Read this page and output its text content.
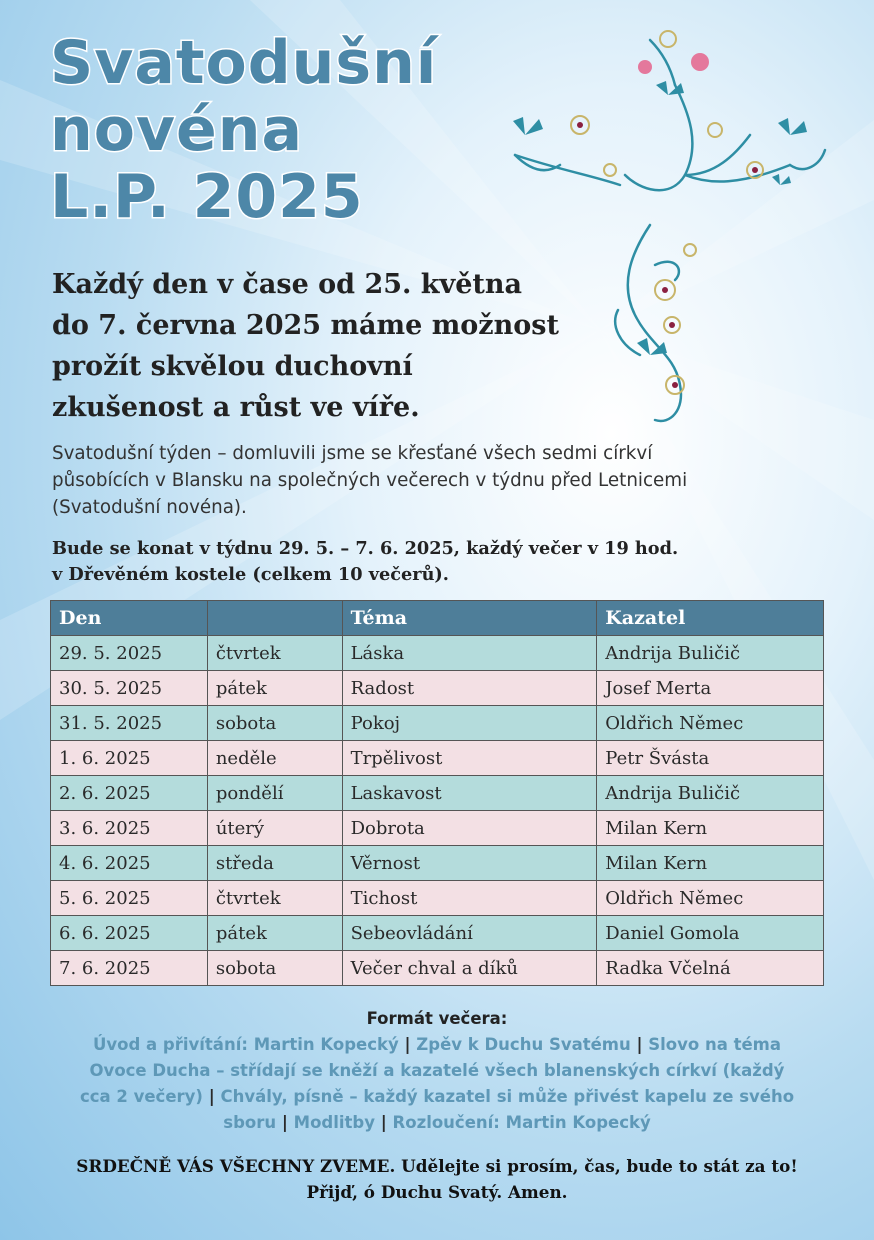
Svatodušní
novéna
L.P. 2025

Každý den v čase od 25. května
do 7. června 2025 máme možnost
prožít skvělou duchovní
zkušenost a růst ve víře.

Svatodušní týden – domluvili jsme se křesťané všech sedmi církví
působících v Blansku na společných večerech v týdnu před Letnicemi
(Svatodušní novéna).

Bude se konat v týdnu 29. 5. – 7. 6. 2025, každý večer v 19 hod.
v Dřevěném kostele (celkem 10 večerů).

Den		Téma	Kazatel
29. 5. 2025	čtvrtek	Láska	Andrija Buličič
30. 5. 2025	pátek	Radost	Josef Merta
31. 5. 2025	sobota	Pokoj	Oldřich Němec
1. 6. 2025	neděle	Trpělivost	Petr Švásta
2. 6. 2025	pondělí	Laskavost	Andrija Buličič
3. 6. 2025	úterý	Dobrota	Milan Kern
4. 6. 2025	středa	Věrnost	Milan Kern
5. 6. 2025	čtvrtek	Tichost	Oldřich Němec
6. 6. 2025	pátek	Sebeovládání	Daniel Gomola
7. 6. 2025	sobota	Večer chval a díků	Radka Včelná
Formát večera:

Úvod a přivítání: Martin Kopecký | Zpěv k Duchu Svatému | Slovo na téma
Ovoce Ducha – střídají se kněží a kazatelé všech blanenských církví (každý
cca 2 večery) | Chvály, písně – každý kazatel si může přivést kapelu ze svého
sboru | Modlitby | Rozloučení: Martin Kopecký

SRDEČNĚ VÁS VŠECHNY ZVEME. Udělejte si prosím, čas, bude to stát za to!
Přijď, ó Duchu Svatý. Amen.
